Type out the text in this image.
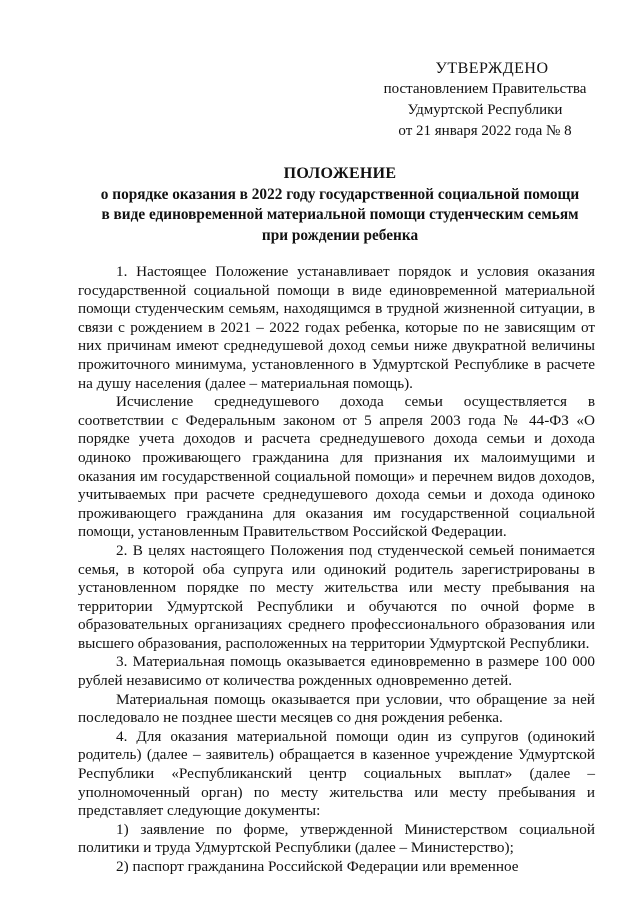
УТВЕРЖДЕНО
постановлением Правительства
Удмуртской Республики
от 21 января 2022 года № 8
ПОЛОЖЕНИЕ
о порядке оказания в 2022 году государственной социальной помощи
в виде единовременной материальной помощи студенческим семьям
при рождении ребенка

1. Настоящее Положение устанавливает порядок и условия оказания государственной социальной помощи в виде единовременной материальной помощи студенческим семьям, находящимся в трудной жизненной ситуации, в связи с рождением в 2021 – 2022 годах ребенка, которые по не зависящим от них причинам имеют среднедушевой доход семьи ниже двукратной величины прожиточного минимума, установленного в Удмуртской Республике в расчете на душу населения (далее – материальная помощь).

Исчисление среднедушевого дохода семьи осуществляется в соответствии с Федеральным законом от 5 апреля 2003 года № 44-ФЗ «О порядке учета доходов и расчета среднедушевого дохода семьи и дохода одиноко проживающего гражданина для признания их малоимущими и оказания им государственной социальной помощи» и перечнем видов доходов, учитываемых при расчете среднедушевого дохода семьи и дохода одиноко проживающего гражданина для оказания им государственной социальной помощи, установленным Правительством Российской Федерации.

2. В целях настоящего Положения под студенческой семьей понимается семья, в которой оба супруга или одинокий родитель зарегистрированы в установленном порядке по месту жительства или месту пребывания на территории Удмуртской Республики и обучаются по очной форме в образовательных организациях среднего профессионального образования или высшего образования, расположенных на территории Удмуртской Республики.

3. Материальная помощь оказывается единовременно в размере 100 000 рублей независимо от количества рожденных одновременно детей.

Материальная помощь оказывается при условии, что обращение за ней последовало не позднее шести месяцев со дня рождения ребенка.

4. Для оказания материальной помощи один из супругов (одинокий родитель) (далее – заявитель) обращается в казенное учреждение Удмуртской Республики «Республиканский центр социальных выплат» (далее – уполномоченный орган) по месту жительства или месту пребывания и представляет следующие документы:

1) заявление по форме, утвержденной Министерством социальной политики и труда Удмуртской Республики (далее – Министерство);

2) паспорт гражданина Российской Федерации или временное
